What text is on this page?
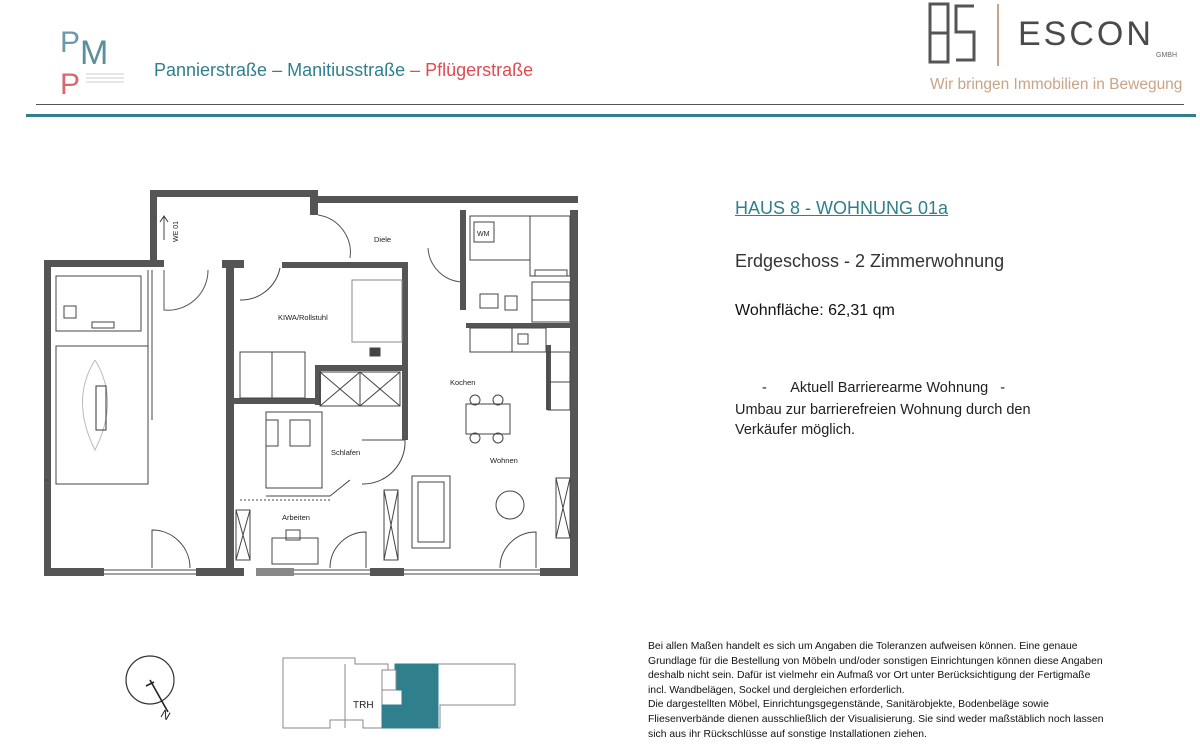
P M
P	Pannierstraße – Manitiusstraße – Pflügerstraße
ESCON
GMBH
Wir bringen Immobilien in Bewegung
Diele
KIWA/Rollstuhl
Kochen
Schlafen
Wohnen
Arbeiten
WM
WE 01
HAUS 8 - WOHNUNG 01a
Erdgeschoss - 2 Zimmerwohnung
Wohnfläche: 62,31 qm
-      Aktuell Barrierearme Wohnung   -
Umbau zur barrierefreien Wohnung durch den
Verkäufer möglich.
N
TRH
Bei allen Maßen handelt es sich um Angaben die Toleranzen aufweisen können. Eine genaue
Grundlage für die Bestellung von Möbeln und/oder sonstigen Einrichtungen können diese Angaben
deshalb nicht sein. Dafür ist vielmehr ein Aufmaß vor Ort unter Berücksichtigung der Fertigmaße
incl. Wandbelägen, Sockel und dergleichen erforderlich.
Die dargestellten Möbel, Einrichtungsgegenstände, Sanitärobjekte, Bodenbeläge sowie
Fliesenverbände dienen ausschließlich der Visualisierung. Sie sind weder maßstäblich noch lassen
sich aus ihr Rückschlüsse auf sonstige Installationen ziehen.
